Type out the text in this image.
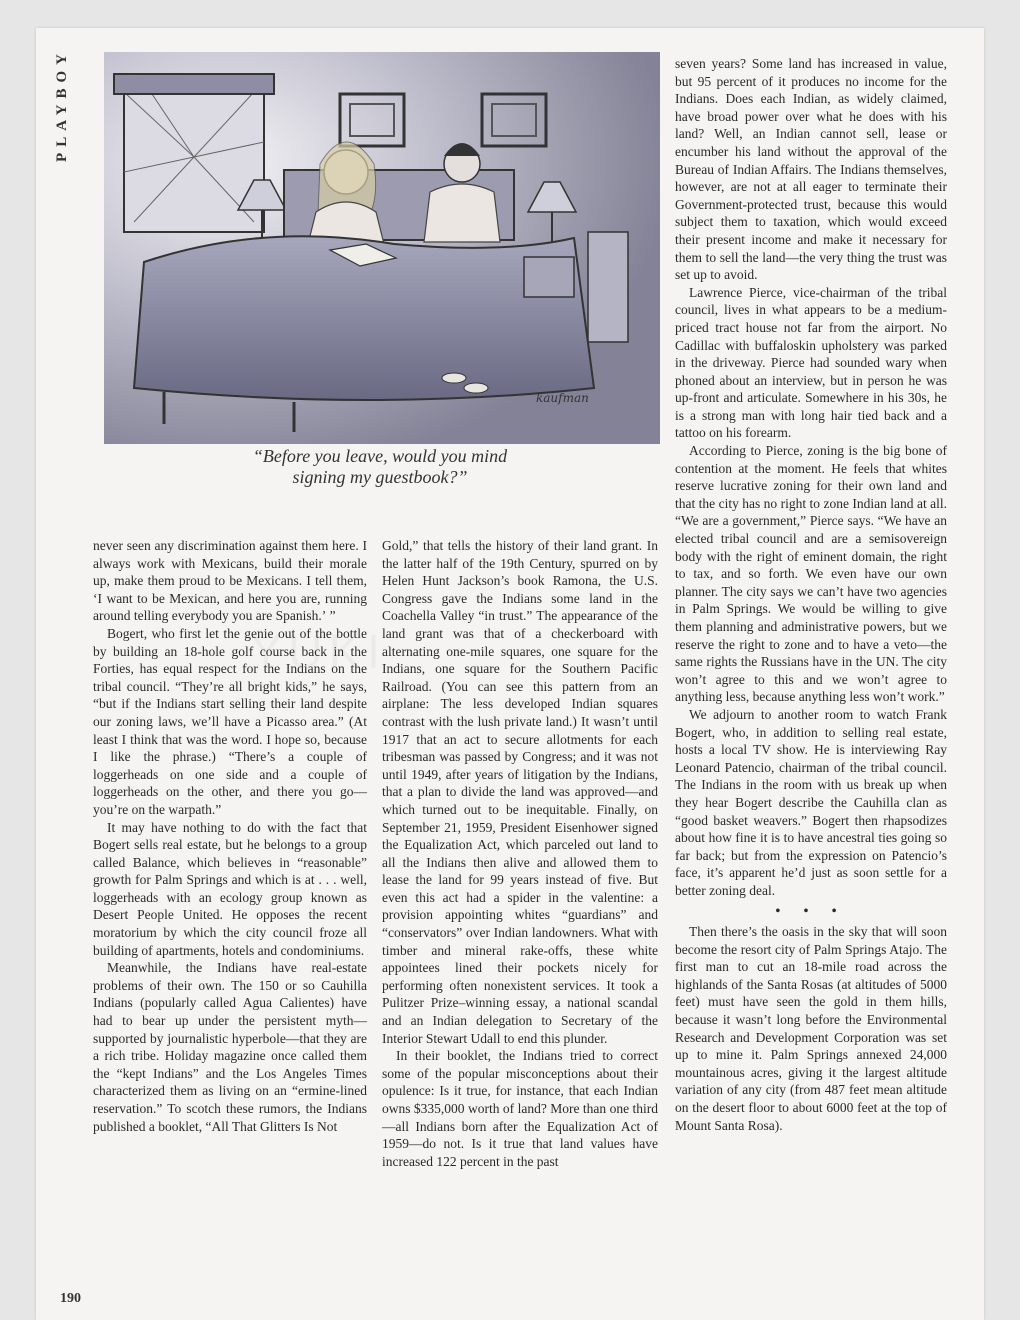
PLAYBOY
kaufman
“Before you leave, would you mind
signing my guestbook?”

never seen any discrimination against them here. I always work with Mexicans, build their morale up, make them proud to be Mexicans. I tell them, ‘I want to be Mexican, and here you are, running around telling everybody you are Spanish.’ ”

Bogert, who first let the genie out of the bottle by building an 18-hole golf course back in the Forties, has equal respect for the Indians on the tribal council. “They’re all bright kids,” he says, “but if the Indians start selling their land despite our zoning laws, we’ll have a Picasso area.” (At least I think that was the word. I hope so, because I like the phrase.) “There’s a couple of loggerheads on one side and a couple of loggerheads on the other, and there you go—you’re on the warpath.”

It may have nothing to do with the fact that Bogert sells real estate, but he belongs to a group called Balance, which believes in “reasonable” growth for Palm Springs and which is at . . . well, loggerheads with an ecology group known as Desert People United. He opposes the recent moratorium by which the city council froze all building of apartments, hotels and condominiums.

Meanwhile, the Indians have real-estate problems of their own. The 150 or so Cauhilla Indians (popularly called Agua Calientes) have had to bear up under the persistent myth—supported by journalistic hyperbole—that they are a rich tribe. Holiday magazine once called them the “kept Indians” and the Los Angeles Times characterized them as living on an “ermine-lined reservation.” To scotch these rumors, the Indians published a booklet, “All That Glitters Is Not

Gold,” that tells the history of their land grant. In the latter half of the 19th Century, spurred on by Helen Hunt Jackson’s book Ramona, the U.S. Congress gave the Indians some land in the Coachella Valley “in trust.” The appearance of the land grant was that of a checkerboard with alternating one-mile squares, one square for the Indians, one square for the Southern Pacific Railroad. (You can see this pattern from an airplane: The less developed Indian squares contrast with the lush private land.) It wasn’t until 1917 that an act to secure allotments for each tribesman was passed by Congress; and it was not until 1949, after years of litigation by the Indians, that a plan to divide the land was approved—and which turned out to be inequitable. Finally, on September 21, 1959, President Eisenhower signed the Equalization Act, which parceled out land to all the Indians then alive and allowed them to lease the land for 99 years instead of five. But even this act had a spider in the valentine: a provision appointing whites “guardians” and “conservators” over Indian landowners. What with timber and mineral rake-offs, these white appointees lined their pockets nicely for performing often nonexistent services. It took a Pulitzer Prize–winning essay, a national scandal and an Indian delegation to Secretary of the Interior Stewart Udall to end this plunder.

In their booklet, the Indians tried to correct some of the popular misconceptions about their opulence: Is it true, for instance, that each Indian owns $335,000 worth of land? More than one third—all Indians born after the Equalization Act of 1959—do not. Is it true that land values have increased 122 percent in the past

seven years? Some land has increased in value, but 95 percent of it produces no income for the Indians. Does each Indian, as widely claimed, have broad power over what he does with his land? Well, an Indian cannot sell, lease or encumber his land without the approval of the Bureau of Indian Affairs. The Indians themselves, however, are not at all eager to terminate their Government-protected trust, because this would subject them to taxation, which would exceed their present income and make it necessary for them to sell the land—the very thing the trust was set up to avoid.

Lawrence Pierce, vice-chairman of the tribal council, lives in what appears to be a medium-priced tract house not far from the airport. No Cadillac with buffaloskin upholstery was parked in the driveway. Pierce had sounded wary when phoned about an interview, but in person he was up-front and articulate. Somewhere in his 30s, he is a strong man with long hair tied back and a tattoo on his forearm.

According to Pierce, zoning is the big bone of contention at the moment. He feels that whites reserve lucrative zoning for their own land and that the city has no right to zone Indian land at all. “We are a government,” Pierce says. “We have an elected tribal council and are a semisovereign body with the right of eminent domain, the right to tax, and so forth. We even have our own planner. The city says we can’t have two agencies in Palm Springs. We would be willing to give them planning and administrative powers, but we reserve the right to zone and to have a veto—the same rights the Russians have in the UN. The city won’t agree to this and we won’t agree to anything less, because anything less won’t work.”

We adjourn to another room to watch Frank Bogert, who, in addition to selling real estate, hosts a local TV show. He is interviewing Ray Leonard Patencio, chairman of the tribal council. The Indians in the room with us break up when they hear Bogert describe the Cauhilla clan as “good basket weavers.” Bogert then rhapsodizes about how fine it is to have ancestral ties going so far back; but from the expression on Patencio’s face, it’s apparent he’d just as soon settle for a better zoning deal.

• • •

Then there’s the oasis in the sky that will soon become the resort city of Palm Springs Atajo. The first man to cut an 18-mile road across the highlands of the Santa Rosas (at altitudes of 5000 feet) must have seen the gold in them hills, because it wasn’t long before the Environmental Research and Development Corporation was set up to mine it. Palm Springs annexed 24,000 mountainous acres, giving it the largest altitude variation of any city (from 487 feet mean altitude on the desert floor to about 6000 feet at the top of Mount Santa Rosa).

190
